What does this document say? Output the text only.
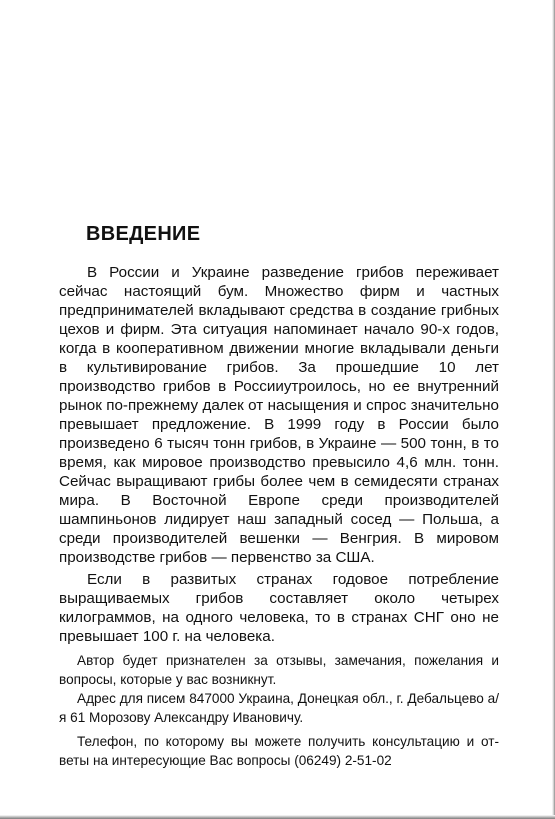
ВВЕДЕНИЕ

В России и Украине разведение грибов переживает сейчас настоящий бум. Множество фирм и частных предпринимателей вкладывают средства в создание грибных цехов и фирм. Эта ситуация напоминает начало 90-х годов, когда в кооперативном движении многие вкладывали деньги в культивирование грибов. За прошедшие 10 лет производство грибов в Россииутроилось, но ее внутренний рынок по-прежнему далек от насыщения и спрос значительно превышает предложение. В 1999 году в России было произведено 6 тысяч тонн грибов, в Украине — 500 тонн, в то время, как мировое производство превысило 4,6 млн. тонн. Сейчас выращивают грибы более чем в семидесяти странах мира. В Восточной Европе среди производителей шампиньонов лидирует наш западный сосед — Польша, а среди производителей вешенки — Венгрия. В мировом производстве грибов — первенство за США.

Если в развитых странах годовое потребление выращиваемых грибов составляет около четырех килограммов, на одного человека, то в странах СНГ оно не превышает 100 г. на человека.

Автор будет признателен за отзывы, замечания, пожелания и вопросы, которые у вас возникнут.

Адрес для писем 847000 Украина, Донецкая обл., г. Дебальцево а/я 61 Морозову Александру Ивановичу.

Телефон, по которому вы можете получить консультацию и ответы на интересующие Вас вопросы (06249) 2-51-02
